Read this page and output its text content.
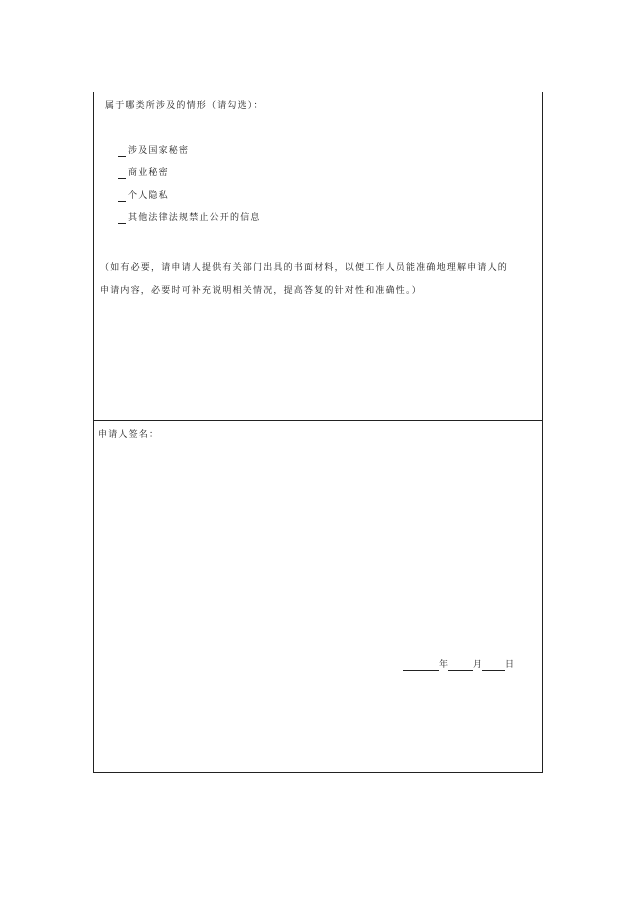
属于哪类所涉及的情形（请勾选）：
涉及国家秘密
商业秘密
个人隐私
其他法律法规禁止公开的信息
（如有必要，请申请人提供有关部门出具的书面材料，以便工作人员能准确地理解申请人的
申请内容，必要时可补充说明相关情况，提高答复的针对性和准确性。）
申请人签名：
年	月	日
